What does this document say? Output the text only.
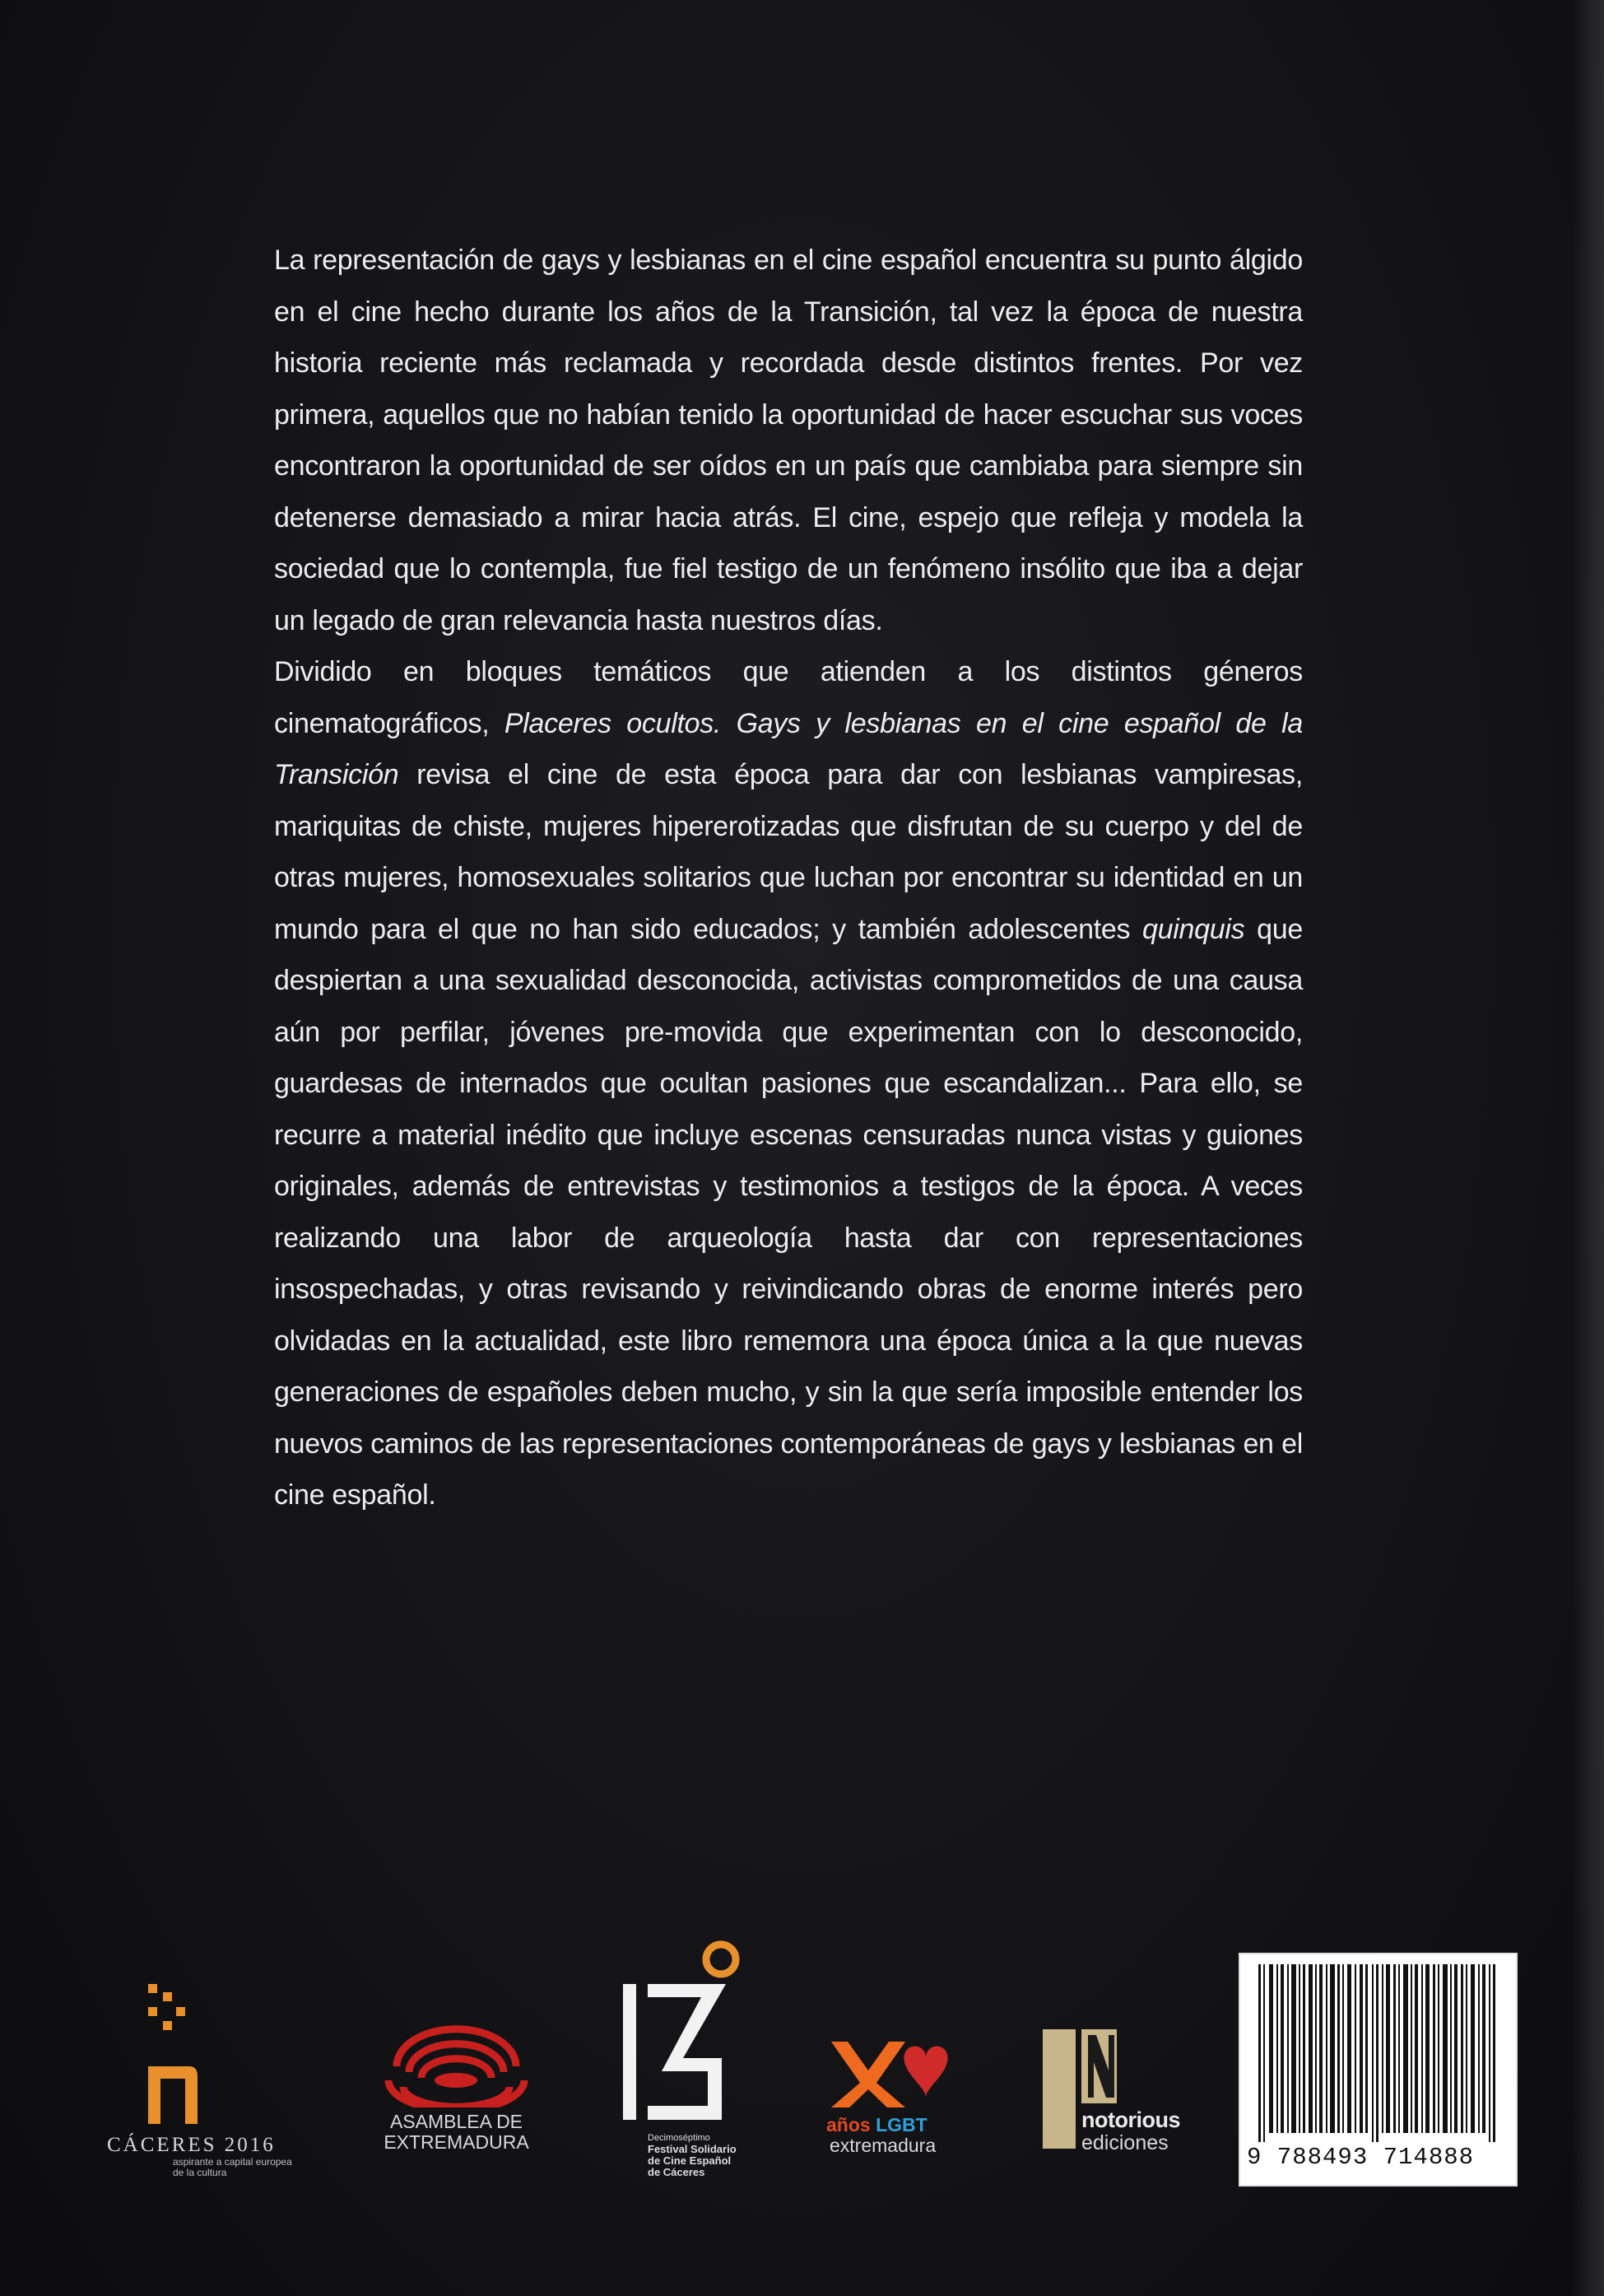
La representación de gays y lesbianas en el cine español encuentra su punto álgido en el cine hecho durante los años de la Transición, tal vez la época de nuestra historia reciente más reclamada y recordada desde distintos frentes. Por vez primera, aquellos que no habían tenido la oportunidad de hacer escuchar sus voces encontraron la oportunidad de ser oídos en un país que cambiaba para siempre sin detenerse demasiado a mirar hacia atrás. El cine, espejo que refleja y modela la sociedad que lo contempla, fue fiel testigo de un fenómeno insólito que iba a dejar un legado de gran relevancia hasta nuestros días.

Dividido en bloques temáticos que atienden a los distintos géneros cinematográficos, Placeres ocultos. Gays y lesbianas en el cine español de la Transición revisa el cine de esta época para dar con lesbianas vampiresas, mariquitas de chiste, mujeres hipererotizadas que disfrutan de su cuerpo y del de otras mujeres, homosexuales solitarios que luchan por encontrar su identidad en un mundo para el que no han sido educados; y también adolescentes quinquis que despiertan a una sexualidad desconocida, activistas comprometidos de una causa aún por perfilar, jóvenes pre-movida que experimentan con lo desconocido, guardesas de internados que ocultan pasiones que escandalizan... Para ello, se recurre a material inédito que incluye escenas censuradas nunca vistas y guiones originales, además de entrevistas y testimonios a testigos de la época. A veces realizando una labor de arqueología hasta dar con representaciones insospechadas, y otras revisando y reivindicando obras de enorme interés pero olvidadas en la actualidad, este libro rememora una época única a la que nuevas generaciones de españoles deben mucho, y sin la que sería imposible entender los nuevos caminos de las representaciones contemporáneas de gays y lesbianas en el cine español.

CÁCERES 2016
aspirante a capital europea de la cultura
ASAMBLEA DE
EXTREMADURA	Decimoséptimo
Festival Solidario
de Cine Español
de Cáceres
años LGBT
extremadura
notorious
ediciones
9 788493 714888
